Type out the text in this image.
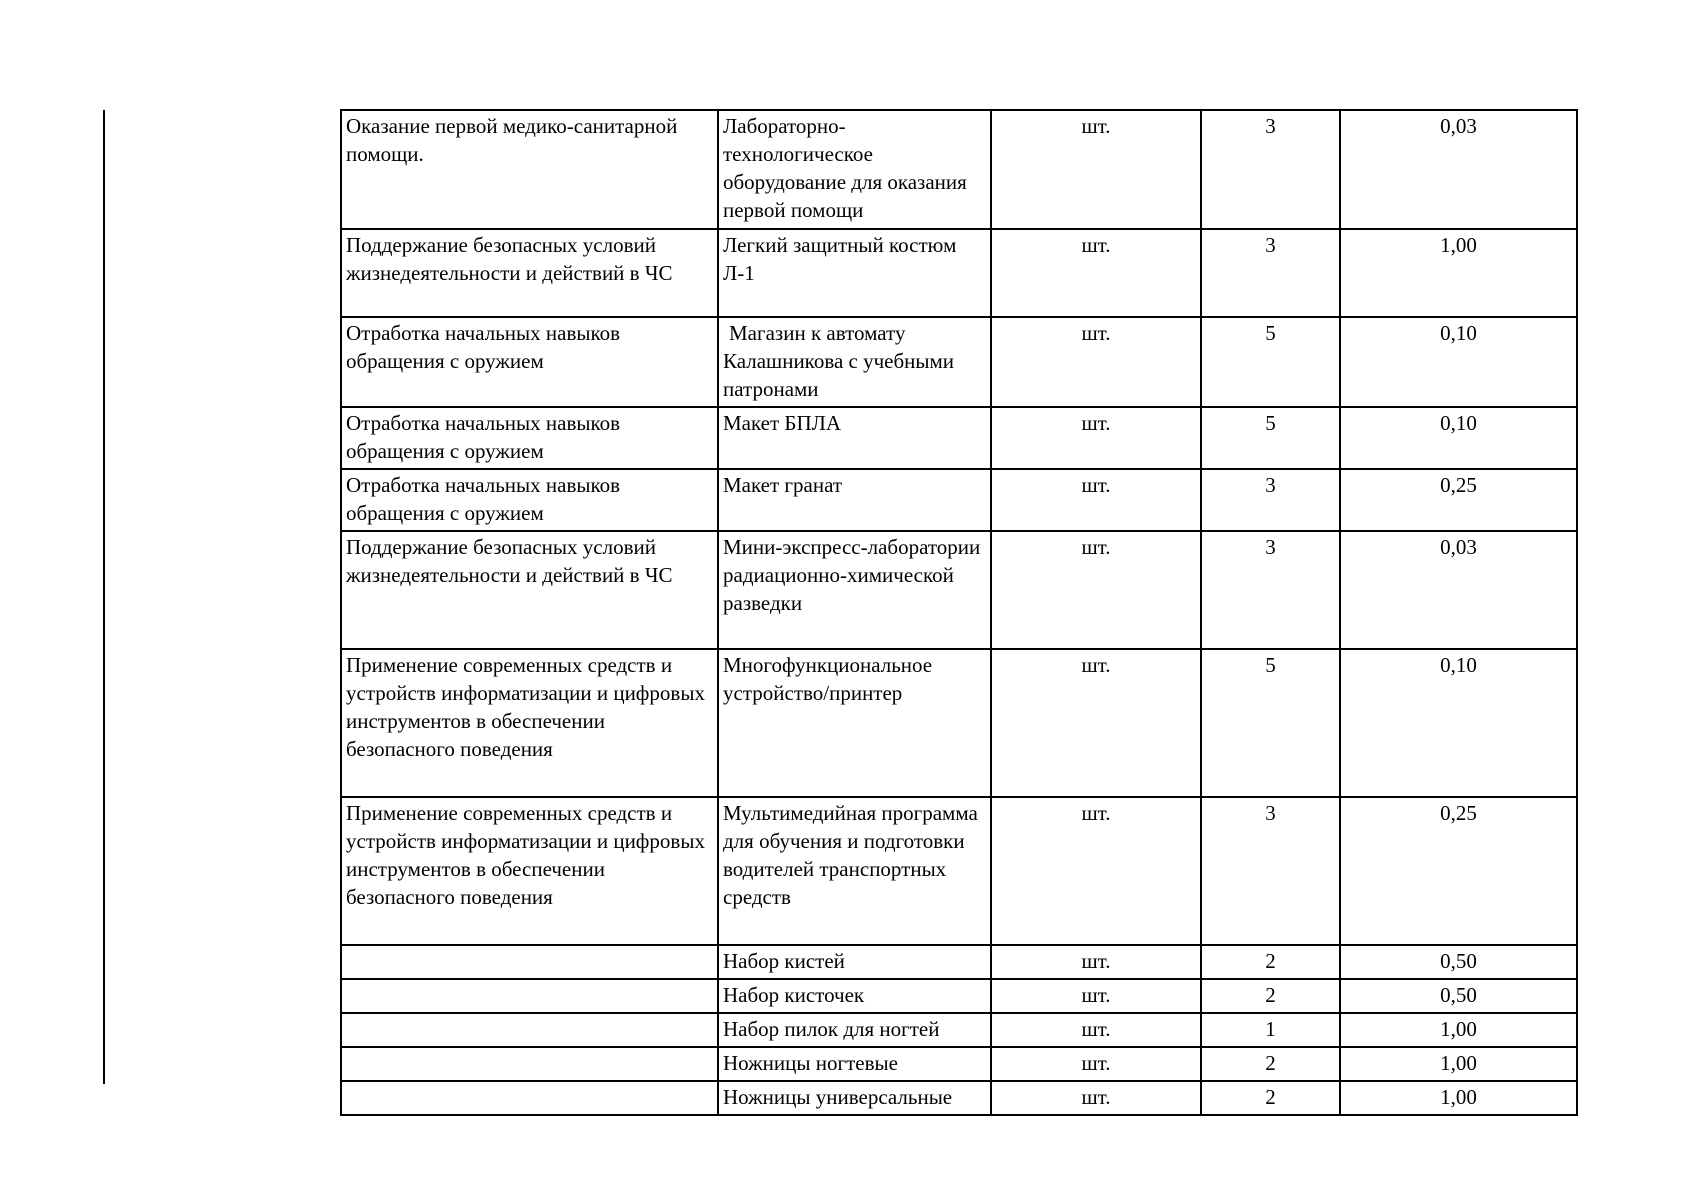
Оказание первой медико-санитарной помощи.	Лабораторно-технологическое оборудование для оказания первой помощи	шт.	3	0,03
Поддержание безопасных условий жизнедеятельности и действий в ЧС	Легкий защитный костюм Л-1	шт.	3	1,00
Отработка начальных навыков обращения с оружием	Магазин к автомату Калашникова с учебными патронами	шт.	5	0,10
Отработка начальных навыков обращения с оружием	Макет БПЛА	шт.	5	0,10
Отработка начальных навыков обращения с оружием	Макет гранат	шт.	3	0,25
Поддержание безопасных условий жизнедеятельности и действий в ЧС	Мини-экспресс-лаборатории радиационно-химической разведки	шт.	3	0,03
Применение современных средств и устройств информатизации и цифровых инструментов в обеспечении безопасного поведения	Многофункциональное устройство/принтер	шт.	5	0,10
Применение современных средств и устройств информатизации и цифровых инструментов в обеспечении безопасного поведения	Мультимедийная программа для обучения и подготовки водителей транспортных средств	шт.	3	0,25
	Набор кистей	шт.	2	0,50
	Набор кисточек	шт.	2	0,50
	Набор пилок для ногтей	шт.	1	1,00
	Ножницы ногтевые	шт.	2	1,00
	Ножницы универсальные	шт.	2	1,00
